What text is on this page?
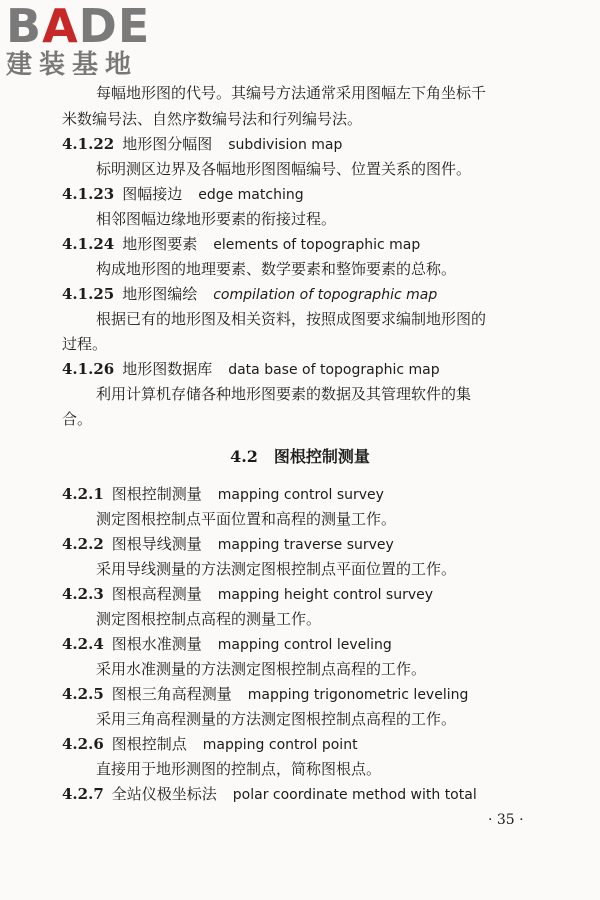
BADE
建装基地
每幅地形图的代号。其编号方法通常采用图幅左下角坐标千
米数编号法、自然序数编号法和行列编号法。
4.1.22 地形图分幅图 subdivision map
标明测区边界及各幅地形图图幅编号、位置关系的图件。
4.1.23 图幅接边 edge matching
相邻图幅边缘地形要素的衔接过程。
4.1.24 地形图要素 elements of topographic map
构成地形图的地理要素、数学要素和整饰要素的总称。
4.1.25 地形图编绘 compilation of topographic map
根据已有的地形图及相关资料，按照成图要求编制地形图的
过程。
4.1.26 地形图数据库 data base of topographic map
利用计算机存储各种地形图要素的数据及其管理软件的集
合。
4.2 图根控制测量
4.2.1 图根控制测量 mapping control survey
测定图根控制点平面位置和高程的测量工作。
4.2.2 图根导线测量 mapping traverse survey
采用导线测量的方法测定图根控制点平面位置的工作。
4.2.3 图根高程测量 mapping height control survey
测定图根控制点高程的测量工作。
4.2.4 图根水准测量 mapping control leveling
采用水准测量的方法测定图根控制点高程的工作。
4.2.5 图根三角高程测量 mapping trigonometric leveling
采用三角高程测量的方法测定图根控制点高程的工作。
4.2.6 图根控制点 mapping control point
直接用于地形测图的控制点，简称图根点。
4.2.7 全站仪极坐标法 polar coordinate method with total
· 35 ·
